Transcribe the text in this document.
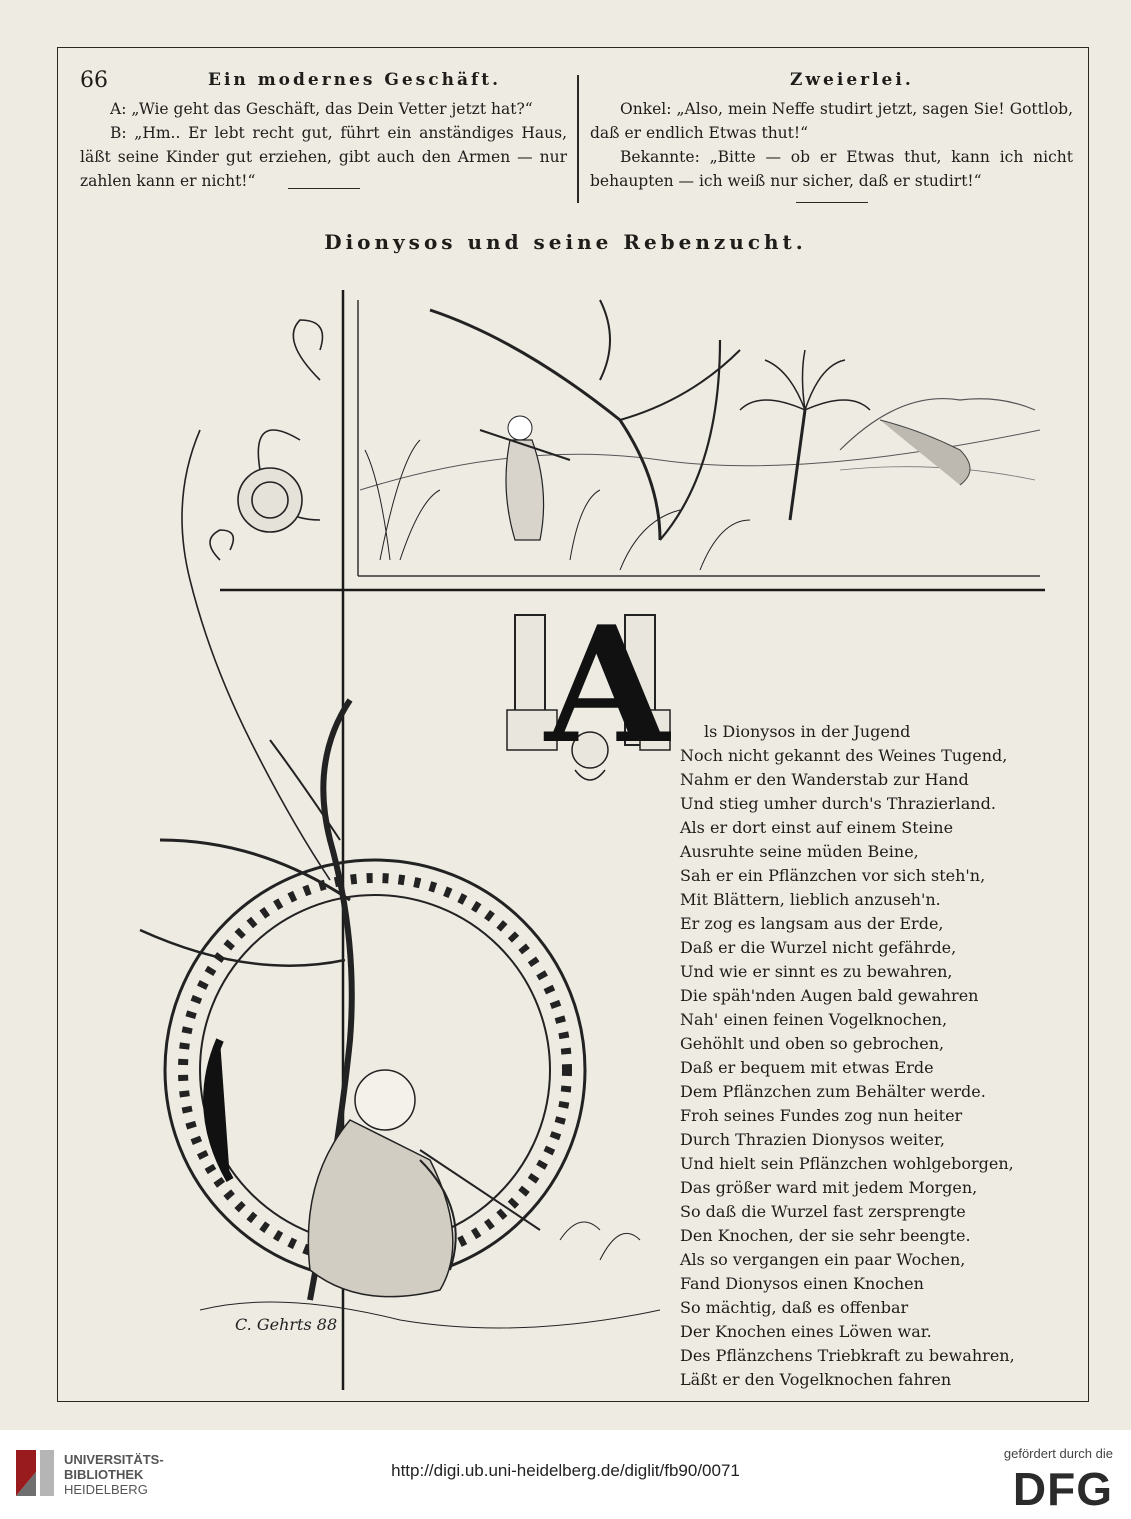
66	Ein modernes Geschäft.

A: „Wie geht das Geschäft, das Dein Vetter jetzt hat?“

B: „Hm.. Er lebt recht gut, führt ein anständiges Haus, läßt seine Kinder gut erziehen, gibt auch den Armen — nur zahlen kann er nicht!“

Zweierlei.

Onkel: „Also, mein Neffe studirt jetzt, sagen Sie! Gottlob, daß er endlich Etwas thut!“

Bekannte: „Bitte — ob er Etwas thut, kann ich nicht behaupten — ich weiß nur sicher, daß er studirt!“

Dionysos und seine Rebenzucht.
C. Gehrts 88
A ls Dionysos in der Jugend
Noch nicht gekannt des Weines Tugend,
Nahm er den Wanderstab zur Hand
Und stieg umher durch's Thrazierland.
Als er dort einst auf einem Steine
Ausruhte seine müden Beine,
Sah er ein Pflänzchen vor sich steh'n,
Mit Blättern, lieblich anzuseh'n.
Er zog es langsam aus der Erde,
Daß er die Wurzel nicht gefährde,
Und wie er sinnt es zu bewahren,
Die späh'nden Augen bald gewahren
Nah' einen feinen Vogelknochen,
Gehöhlt und oben so gebrochen,
Daß er bequem mit etwas Erde
Dem Pflänzchen zum Behälter werde.
Froh seines Fundes zog nun heiter
Durch Thrazien Dionysos weiter,
Und hielt sein Pflänzchen wohlgeborgen,
Das größer ward mit jedem Morgen,
So daß die Wurzel fast zersprengte
Den Knochen, der sie sehr beengte.
Als so vergangen ein paar Wochen,
Fand Dionysos einen Knochen
So mächtig, daß es offenbar
Der Knochen eines Löwen war.
Des Pflänzchens Triebkraft zu bewahren,
Läßt er den Vogelknochen fahren
UNIVERSITÄTS-
BIBLIOTHEK
HEIDELBERG
http://digi.ub.uni-heidelberg.de/diglit/fb90/0071
gefördert durch die
DFG
